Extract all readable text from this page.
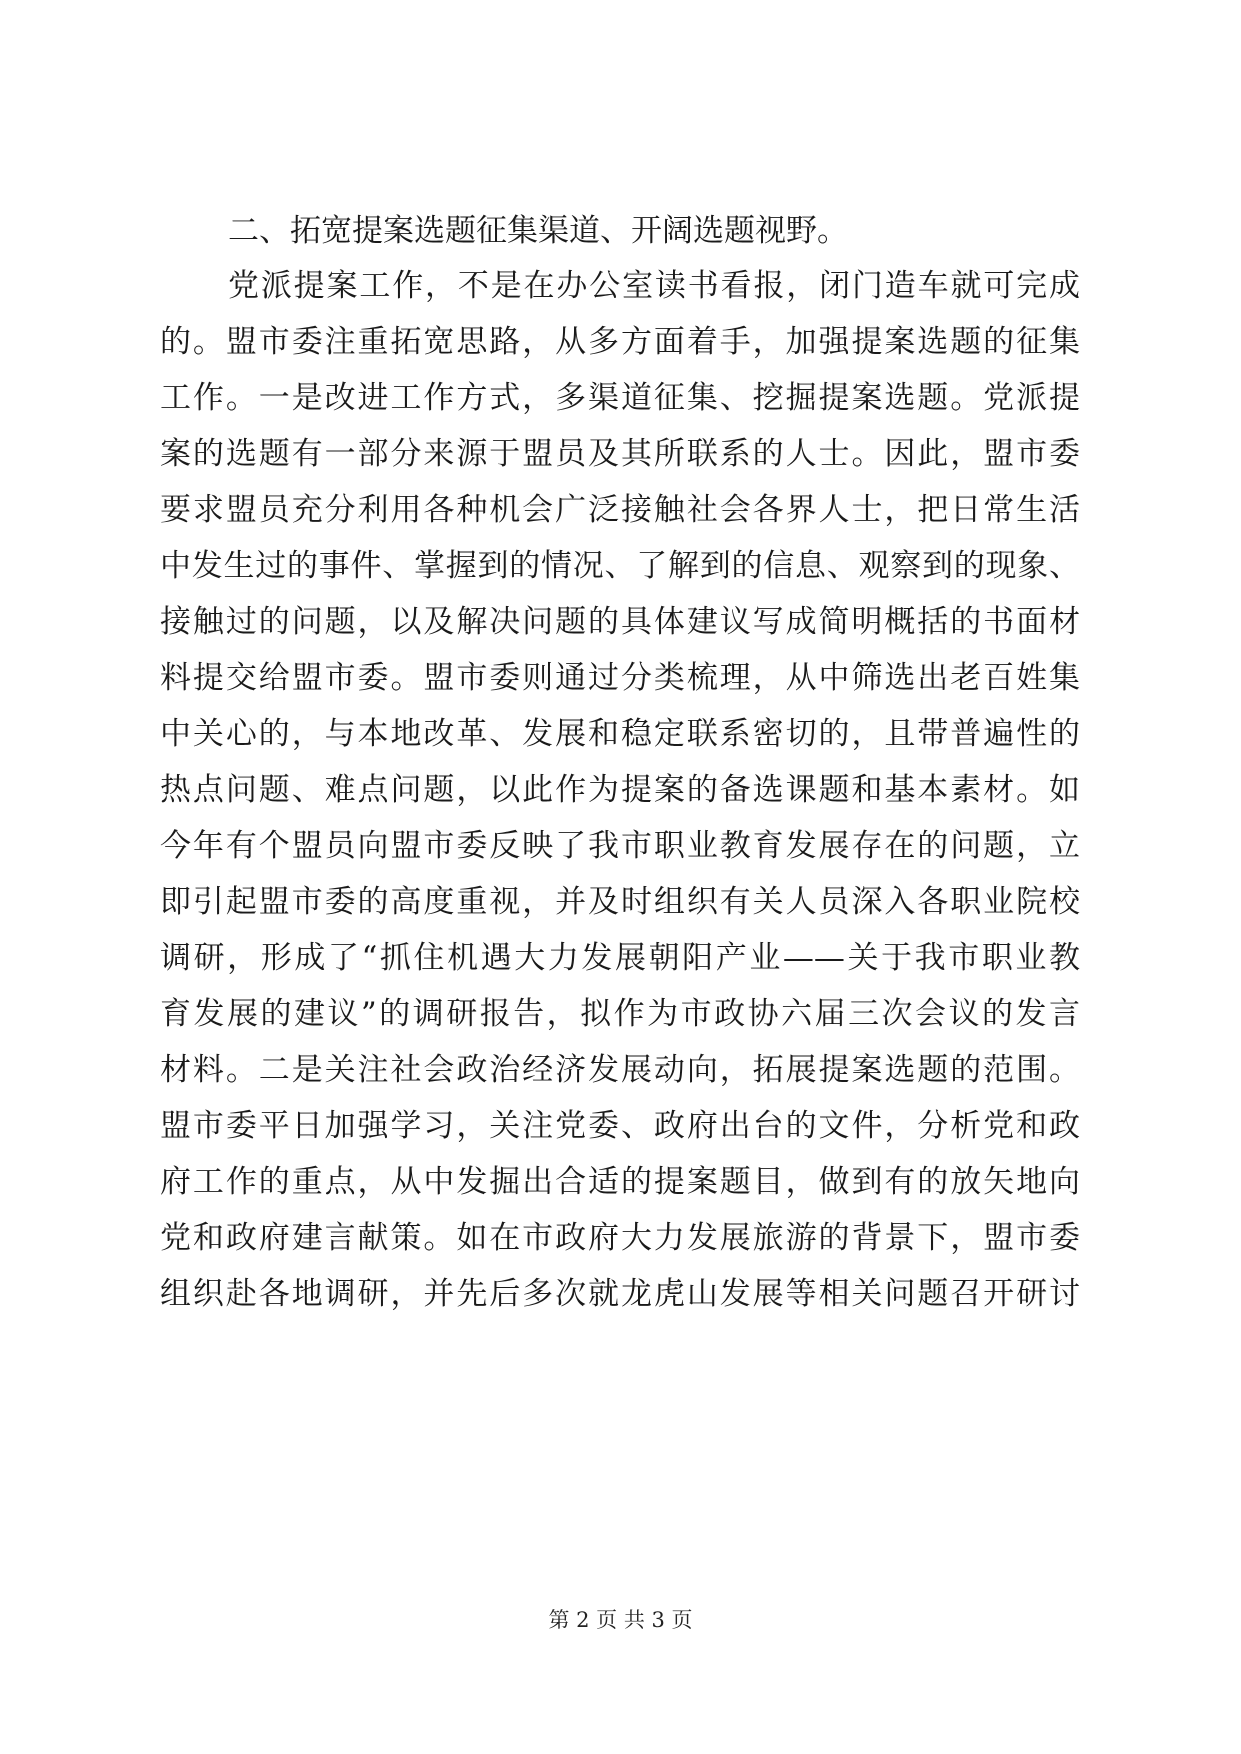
二、拓宽提案选题征集渠道、开阔选题视野。
党派提案工作，不是在办公室读书看报，闭门造车就可完成
的。盟市委注重拓宽思路，从多方面着手，加强提案选题的征集
工作。一是改进工作方式，多渠道征集、挖掘提案选题。党派提
案的选题有一部分来源于盟员及其所联系的人士。因此，盟市委
要求盟员充分利用各种机会广泛接触社会各界人士，把日常生活
中发生过的事件、掌握到的情况、了解到的信息、观察到的现象、
接触过的问题，以及解决问题的具体建议写成简明概括的书面材
料提交给盟市委。盟市委则通过分类梳理，从中筛选出老百姓集
中关心的，与本地改革、发展和稳定联系密切的，且带普遍性的
热点问题、难点问题，以此作为提案的备选课题和基本素材。如
今年有个盟员向盟市委反映了我市职业教育发展存在的问题，立
即引起盟市委的高度重视，并及时组织有关人员深入各职业院校
调研，形成了“抓住机遇大力发展朝阳产业——关于我市职业教
育发展的建议”的调研报告，拟作为市政协六届三次会议的发言
材料。二是关注社会政治经济发展动向，拓展提案选题的范围。
盟市委平日加强学习，关注党委、政府出台的文件，分析党和政
府工作的重点，从中发掘出合适的提案题目，做到有的放矢地向
党和政府建言献策。如在市政府大力发展旅游的背景下，盟市委
组织赴各地调研，并先后多次就龙虎山发展等相关问题召开研讨
第 2 页 共 3 页
